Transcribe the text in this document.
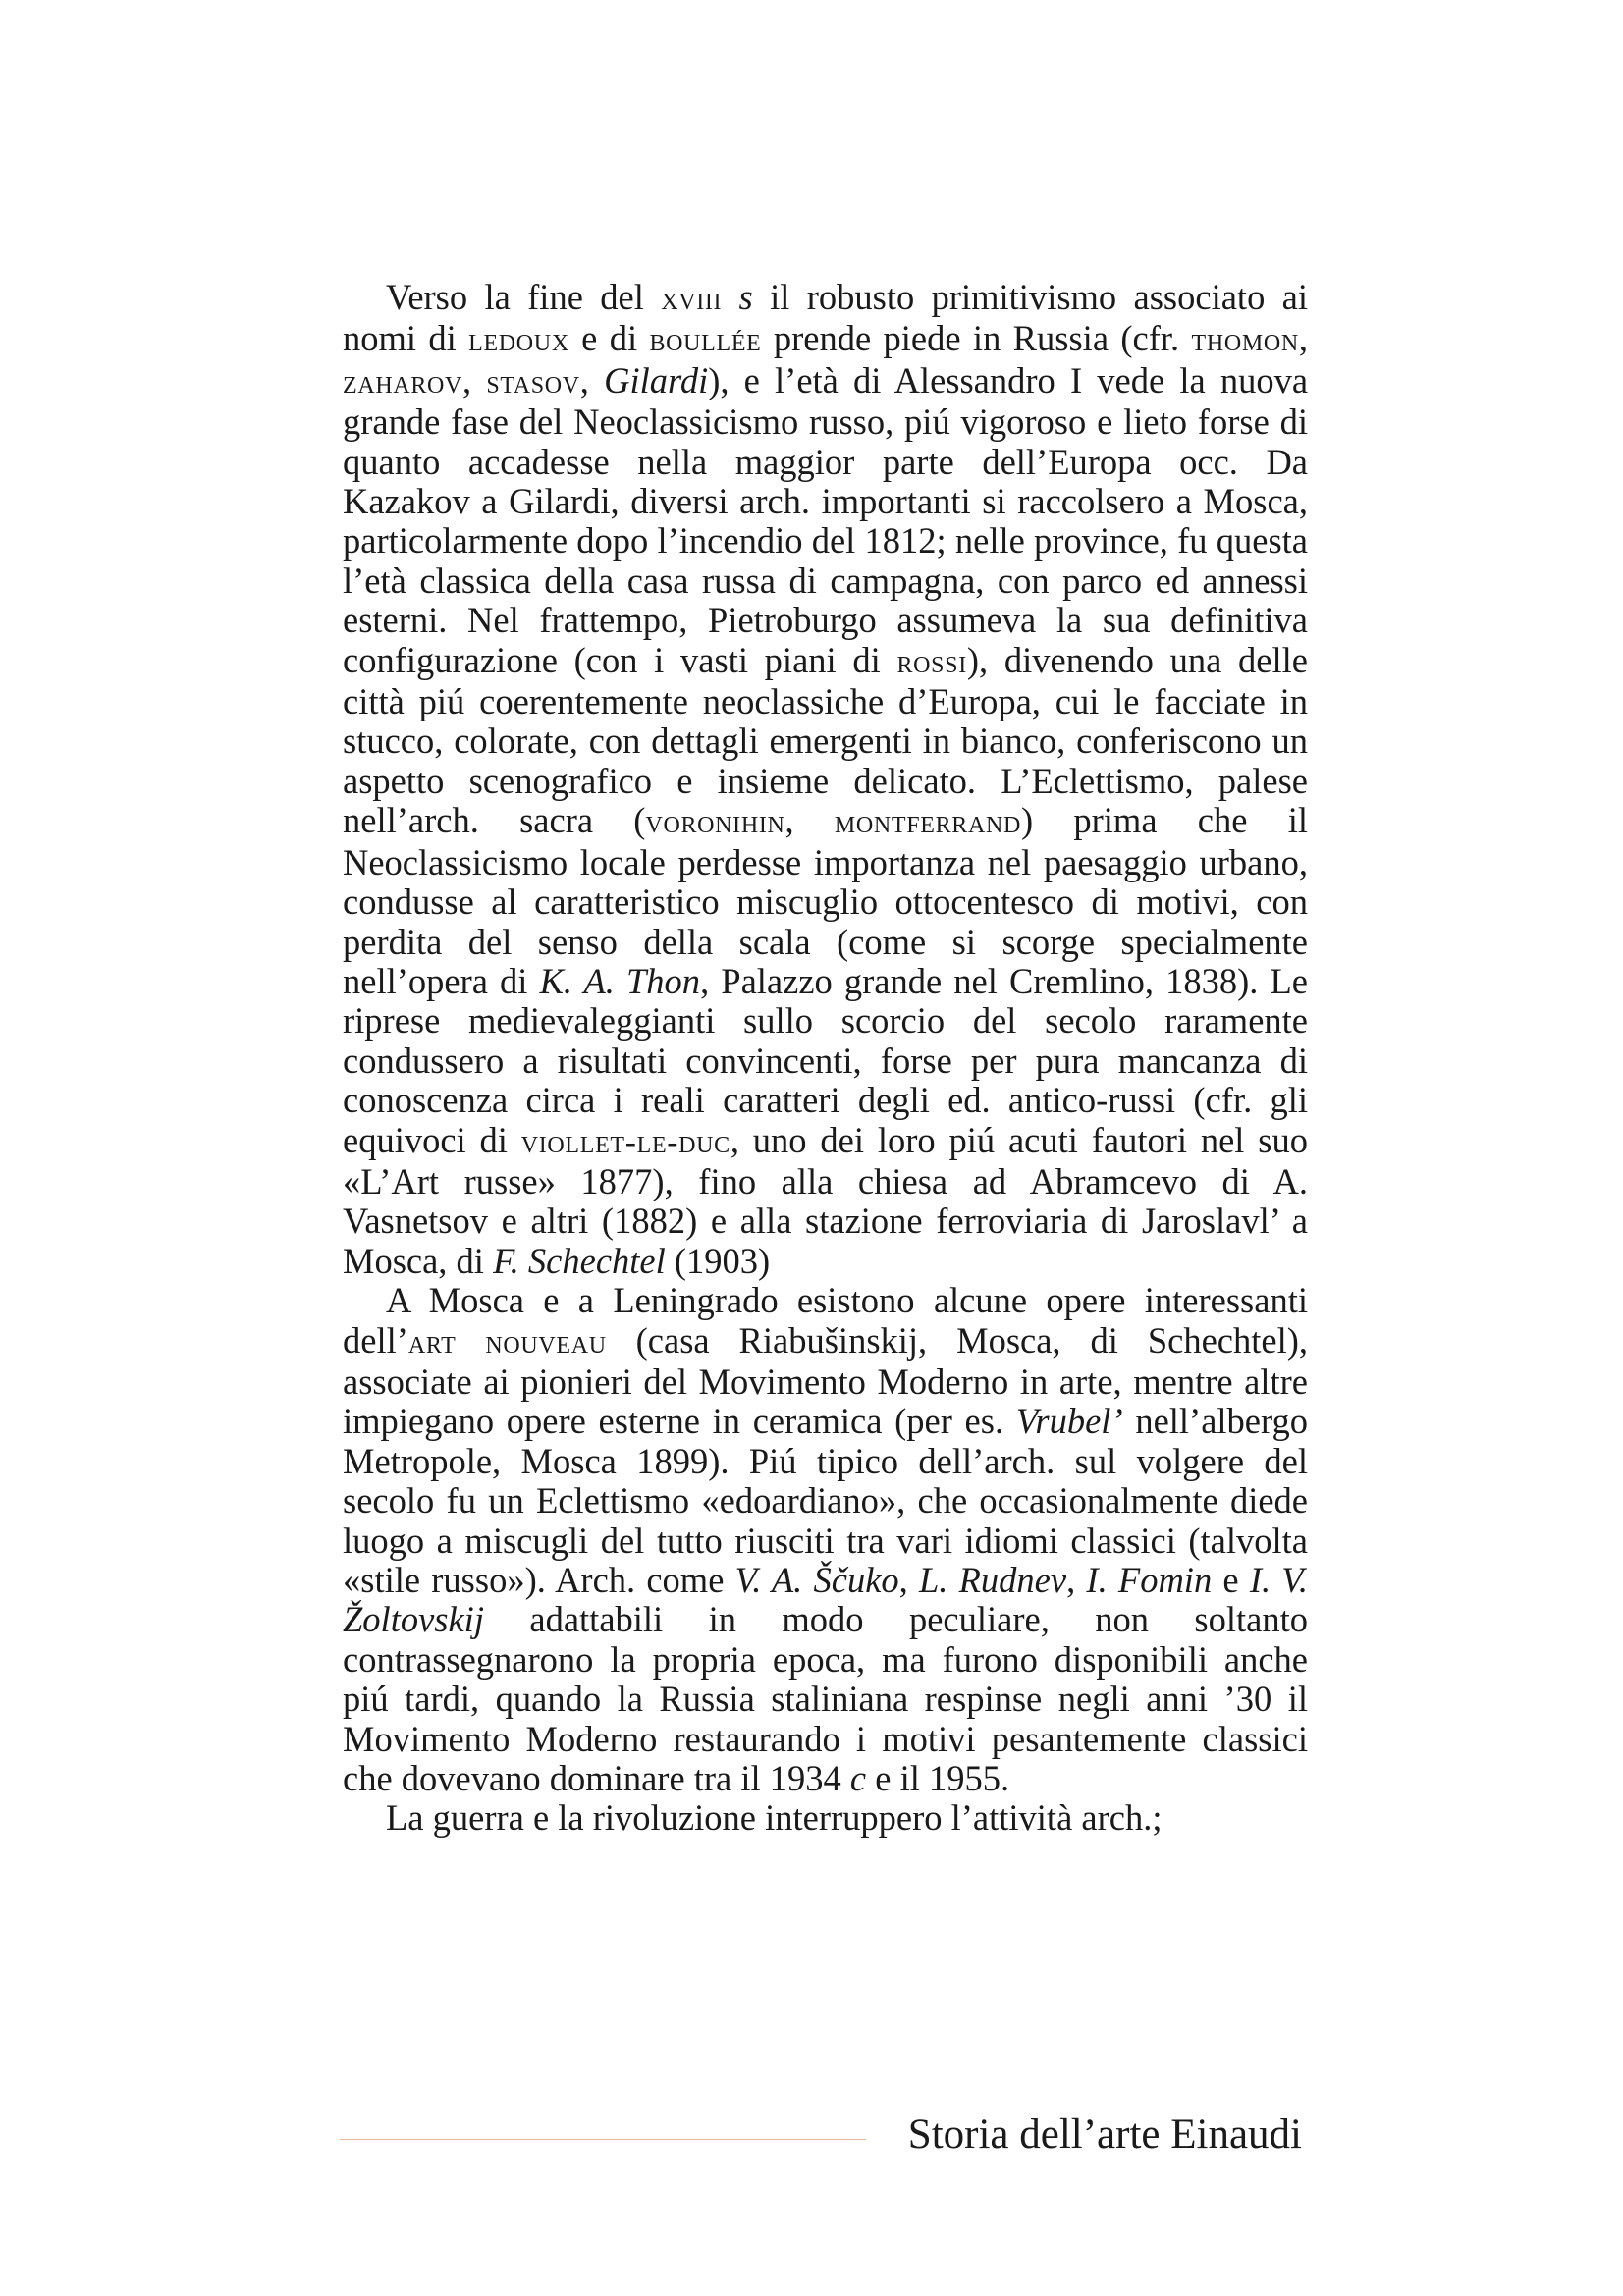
Verso la fine del xviii s il robusto primitivismo associato ai nomi di ledoux e di boullée prende piede in Russia (cfr. thomon, zaharov, stasov, Gilardi), e l’età di Alessandro I vede la nuova grande fase del Neoclassicismo russo, piú vigoroso e lieto forse di quanto accadesse nella maggior parte dell’Europa occ. Da Kazakov a Gilardi, diversi arch. importanti si raccolsero a Mosca, particolarmente dopo l’incendio del 1812; nelle province, fu questa l’età classica della casa russa di campagna, con parco ed annessi esterni. Nel frattempo, Pietroburgo assumeva la sua definitiva configurazione (con i vasti piani di rossi), divenendo una delle città piú coerentemente neoclassiche d’Europa, cui le facciate in stucco, colorate, con dettagli emergenti in bianco, conferiscono un aspetto scenografico e insieme delicato. L’Eclettismo, palese nell’arch. sacra (voronihin, montferrand) prima che il Neoclassicismo locale perdesse importanza nel paesaggio urbano, condusse al caratteristico miscuglio ottocentesco di motivi, con perdita del senso della scala (come si scorge specialmente nell’opera di K. A. Thon, Palazzo grande nel Cremlino, 1838). Le riprese medievaleggianti sullo scorcio del secolo raramente condussero a risultati convincenti, forse per pura mancanza di conoscenza circa i reali caratteri degli ed. antico-russi (cfr. gli equivoci di viollet-le-duc, uno dei loro piú acuti fautori nel suo «L’Art russe» 1877), fino alla chiesa ad Abramcevo di A. Vasnetsov e altri (1882) e alla stazione ferroviaria di Jaroslavl’ a Mosca, di F. Schechtel (1903)

A Mosca e a Leningrado esistono alcune opere interessanti dell’art nouveau (casa Riabušinskij, Mosca, di Schechtel), associate ai pionieri del Movimento Moderno in arte, mentre altre impiegano opere esterne in ceramica (per es. Vrubel’ nell’albergo Metropole, Mosca 1899). Piú tipico dell’arch. sul volgere del secolo fu un Eclettismo «edoardiano», che occasionalmente diede luogo a miscugli del tutto riusciti tra vari idiomi classici (talvolta «stile russo»). Arch. come V. A. Ščuko, L. Rudnev, I. Fomin e I. V. Žoltovskij adattabili in modo peculiare, non soltanto contrassegnarono la propria epoca, ma furono disponibili anche piú tardi, quando la Russia staliniana respinse negli anni ’30 il Movimento Moderno restaurando i motivi pesantemente classici che dovevano dominare tra il 1934 c e il 1955.

La guerra e la rivoluzione interruppero l’attività arch.;

Storia dell’arte Einaudi
